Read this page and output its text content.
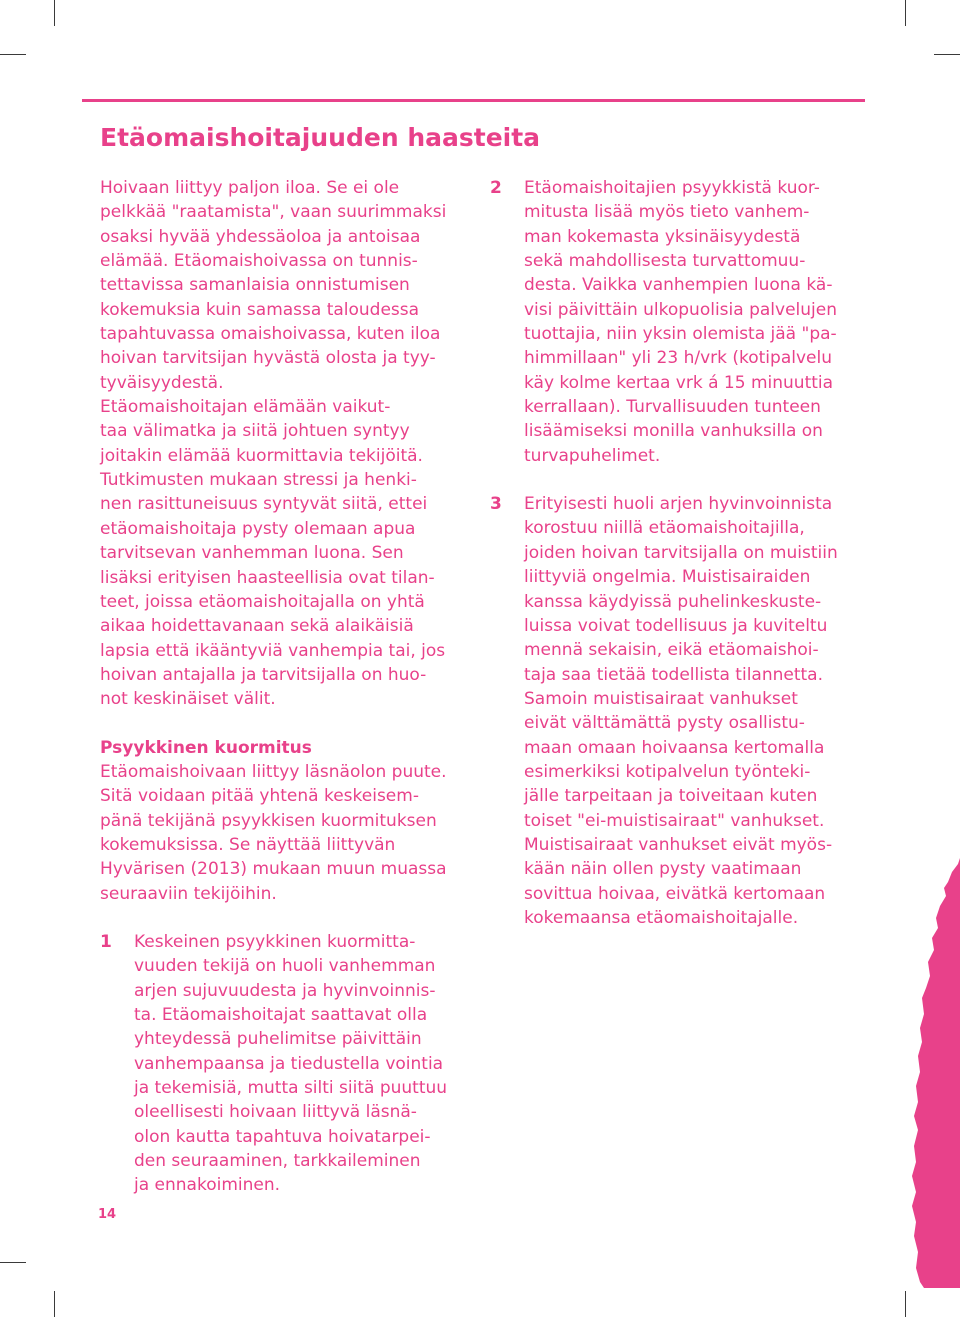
Etäomaishoitajuuden haasteita

Hoivaan liittyy paljon iloa. Se ei ole
pelkkää "raatamista", vaan suurimmaksi
osaksi hyvää yhdessäoloa ja antoisaa
elämää. Etäomaishoivassa on tunnis-
tettavissa samanlaisia onnistumisen
kokemuksia kuin samassa taloudessa
tapahtuvassa omaishoivassa, kuten iloa
hoivan tarvitsijan hyvästä olosta ja tyy-
tyväisyydestä.

Etäomaishoitajan elämään vaikut-
taa välimatka ja siitä johtuen syntyy
joitakin elämää kuormittavia tekijöitä.
Tutkimusten mukaan stressi ja henki-
nen rasittuneisuus syntyvät siitä, ettei
etäomaishoitaja pysty olemaan apua
tarvitsevan vanhemman luona. Sen
lisäksi erityisen haasteellisia ovat tilan-
teet, joissa etäomaishoitajalla on yhtä
aikaa hoidettavanaan sekä alaikäisiä
lapsia että ikääntyviä vanhempia tai, jos
hoivan antajalla ja tarvitsijalla on huo-
not keskinäiset välit.

Psyykkinen kuormitus

Etäomaishoivaan liittyy läsnäolon puute.
Sitä voidaan pitää yhtenä keskeisem-
pänä tekijänä psyykkisen kuormituksen
kokemuksissa. Se näyttää liittyvän
Hyvärisen (2013) mukaan muun muassa
seuraaviin tekijöihin.

1	Keskeinen psyykkinen kuormitta-
vuuden tekijä on huoli vanhemman
arjen sujuvuudesta ja hyvinvoinnis-
ta. Etäomaishoitajat saattavat olla
yhteydessä puhelimitse päivittäin
vanhempaansa ja tiedustella vointia
ja tekemisiä, mutta silti siitä puuttuu
oleellisesti hoivaan liittyvä läsnä-
olon kautta tapahtuva hoivatarpei-
den seuraaminen, tarkkaileminen
ja ennakoiminen.

2	Etäomaishoitajien psyykkistä kuor-
mitusta lisää myös tieto vanhem-
man kokemasta yksinäisyydestä
sekä mahdollisesta turvattomuu-
desta. Vaikka vanhempien luona kä-
visi päivittäin ulkopuolisia palvelujen
tuottajia, niin yksin olemista jää "pa-
himmillaan" yli 23 h/vrk (kotipalvelu
käy kolme kertaa vrk á 15 minuuttia
kerrallaan). Turvallisuuden tunteen
lisäämiseksi monilla vanhuksilla on
turvapuhelimet.

3	Erityisesti huoli arjen hyvinvoinnista
korostuu niillä etäomaishoitajilla,
joiden hoivan tarvitsijalla on muistiin
liittyviä ongelmia. Muistisairaiden
kanssa käydyissä puhelinkeskuste-
luissa voivat todellisuus ja kuviteltu
mennä sekaisin, eikä etäomaishoi-
taja saa tietää todellista tilannetta.
Samoin muistisairaat vanhukset
eivät välttämättä pysty osallistu-
maan omaan hoivaansa kertomalla
esimerkiksi kotipalvelun työnteki-
jälle tarpeitaan ja toiveitaan kuten
toiset "ei-muistisairaat" vanhukset.
Muistisairaat vanhukset eivät myös-
kään näin ollen pysty vaatimaan
sovittua hoivaa, eivätkä kertomaan
kokemaansa etäomaishoitajalle.

14
